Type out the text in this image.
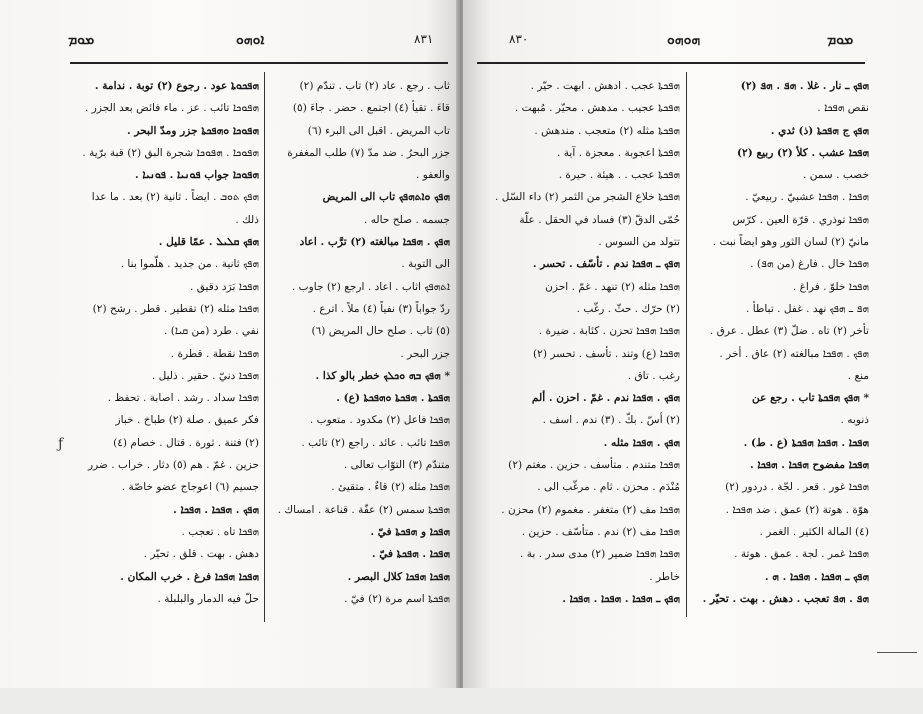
ܡܘܡ	ܐܘܗܘ	٨٣١
ܗܦܟܘܬܐ عود . رجوع (٢) توبة . ندامة .
ܗܦܘܟܐ تائب . عز . ماء فائض بعد الجزر .
ܗܦܘܟܐ ܘܗܦܟܬܐ جزر ومدّ البحر .
ܗܦܘܟܐ . ܗܦܘܟܐ شجرة البق (٢) قبة برّية .
ܗܦܘܟܐ جواب ܦܘܢܝܐ . ܦܘܢܝܐ .
ܗܦܟ ܬܘܒ . ايضاً . ثانية (٢) بعد . ما عدا
ذلك .
ܗܦܟ ܩܠܝܠ . عمّا قليل .
ܗܦܟ ثانية . من جديد . هلّموا بنا .
ܗܦܟܐ بَرَد دقيق .
ܗܦܟܐ مثله (٢) تقطير . قطر . رشح (٢)
نفي . طرد (من ܩܝܐ) .
ܗܦܟܐ نقطة . قطرة .
ܗܦܟܐ دنيّ . حقير . ذليل .
ܗܦܟܐ سداد . رشد . اصابة . تحفظ .
فكر عميق . صلة (٢) طباخ . خباز
(٢) فتنة . ثورة . قتال . خصام (٤)
حزين . غمّ . هم (٥) دثار . خراب . ضرر
جسيم (٦) اعوجاج عضو خاصّة .
ܗܦܟ . ܗܦܟܐ . ܗܦܟܐ .
ܗܦܟܐ تاه . تعجب .
دهش . بهت . قلق . تحيّر .
ܗܦܟܐ ܗܦܟܐ فرغ . خرب المكان .
حلّ فيه الدمار والبلبلة .
ثاب . رجع . عاد (٢) تاب . تندّم (٢)
قاءَ . تقيأ (٤) اجتمع . حضر . جاءَ (٥)
تاب المريض . اقبل الى البرء (٦)
جزر البحرُ . ضد مدّ (٧) طلب المغفرة
والعفو .
ܗܦܟ ܘܐܬܗܦܟ تاب الى المريض
جسمه . صلح حاله .
ܗܦܟ . ܗܦܟܐ مبالغته (٢) ترَّب . اعاد
الى التوبة .
ܐܬܗܦܟ اثاب . اعاد . ارجع (٢) جاوب .
ردّ جواباً (٣) نفياً (٤) ملاً . اترع .
(٥) ثاب . صلح حال المريض (٦)
جزر البحر .
* ܗܦܟ ܒܗ ܘܟܠܟ خطر بالو كذا .
ܗܦܟܬܐ . ܗܦܟܬܐ ܘܗܦܟܬܐ (ع) .
ܗܦܟܐ فاعل (٢) مكدود . متعوب .
ܗܦܟܐ تائب . عائد . راجع (٢) تائب .
متندّم (٣) التوّاب تعالى .
ܗܦܟܐ مثله (٢) قاءٌ . متقيئ .
ܗܦܟܬܐ سمس (٢) عفّة . قناعة . امساك .
ܗܦܟܐ و ܗܦܟܬܐ فيّ .
ܗܦܟܐ . ܗܦܟܬܐ فيّ .
ܗܦܟܐ ܗܦܟܐ كلال البصر .
ܗܦܟܬܐ اسم مرة (٢) فيّ .
ƒ
٨٣٠	ܗܘܗܘ	ܡܘܡ
ܗܦܟܬܐ عجب . ادهش . ابهت . حيّر .
ܗܦܟܬܐ عجيب . مدهش . محيّر . مُبهت .
ܗܦܟܬܐ مثله (٢) متعجب . مندهش .
ܗܦܟܬܐ اعجوبة . معجزة . آية .
ܗܦܟܬܐ عجب . . هيئة . حيرة .
ܗܦܟܬܐ خلاع الشجر من الثمر (٢) داء السّل .
حُمّى الدقّ (٣) فساد في الحقل . علّة
تتولد من السوس .
ܗܦܟ ـ ܗܦܟܐ ندم . تأسّف . تحسر .
ܗܦܟܐ مثله (٢) تنهد . غمّ . احزن
(٢) حرّك . حثّ . رغّب .
ܗܦܟܐ ܗܦܟܐ تحزن . كئابة . ضيرة .
ܗܦܟܐ (ع) وتند . تأسف . تحسر (٢)
رغب . تاق .
ܗܦܟ . ܗܦܟܐ ندم . غمّ . احزن . ألم
(٢) أسّ . بكّ . (٣) ندم . اسف .
ܗܦܟ . ܗܦܟܐ مثله .
ܗܦܟܐ متندم . متأسف . حزين . مغتم (٢)
مُنْدَم . محزن . ثام . مرغّب الى .
ܗܦܟܐ مف (٢) متغفر . مغموم (٢) محزن .
ܗܦܟܐ مف (٢) ندم . متأسّف . حزين .
ܗܦܟܐ ܗܦܟܐ ضمير (٢) مدى سدر . بة .
خاطر .
ܗܦܟ ـ ܗܦܟܐ . ܗܦܟܐ . ܗܦܟܐ .
ܗܦܟ ـ نار . غلا . ܗܦ . ܗܦ (٢)
نقص ܗܦܟܐ .
ܗܦܟ ج ܗܦܟܬܐ (ذ) ثدي .
ܗܦܟܐ عشب . كلأ (٢) ربيع (٢)
خصب . سمن .
ܗܦܟܐ . ܗܦܟܐ عشبيّ . ربيعيّ .
ܗܦܟܐ توذري . قرّة العين . كرّس
مانيّ (٢) لسان الثور وهو ايضاً نبت .
ܗܦܟܐ خال . فارغ (من ܗܦ) .
ܗܦܟܐ خلوّ . فراغ .
ܗܦ ـ ܗܦܟ نهد . غفل . تباطأ .
تأخر (٢) تاه . ضلّ (٣) عطل . عرق .
ܗܦܟ . ܗܦܟܐ مبالغته (٢) عاق . أخر .
منع .
* ܗܦܟ ܗܦܟܬܐ تاب . رجع عن
ذنوبه .
ܗܦܟܐ . ܗܦܟܐ ܗܦܟܬܐ (ع . ط) .
ܗܦܟܐ مفضوح ܗܦܟܐ . ܗܦܟܐ .
ܗܦܟܐ غور . قعر . لجّة . دردور (٢)
هوّة . هوتة (٢) عمق . ضد ܗܦܟܐ .
(٤) المالة الكثير . الغمر .
ܗܦܟܐ غمر . لجة . عمق . هوتة .
ܗܦܟ ـ ܗܦܟܐ . ܗܦܟܐ . ܗ .
ܗܦ . ܗܦ تعجب . دهش . بهت . تحيّر .
